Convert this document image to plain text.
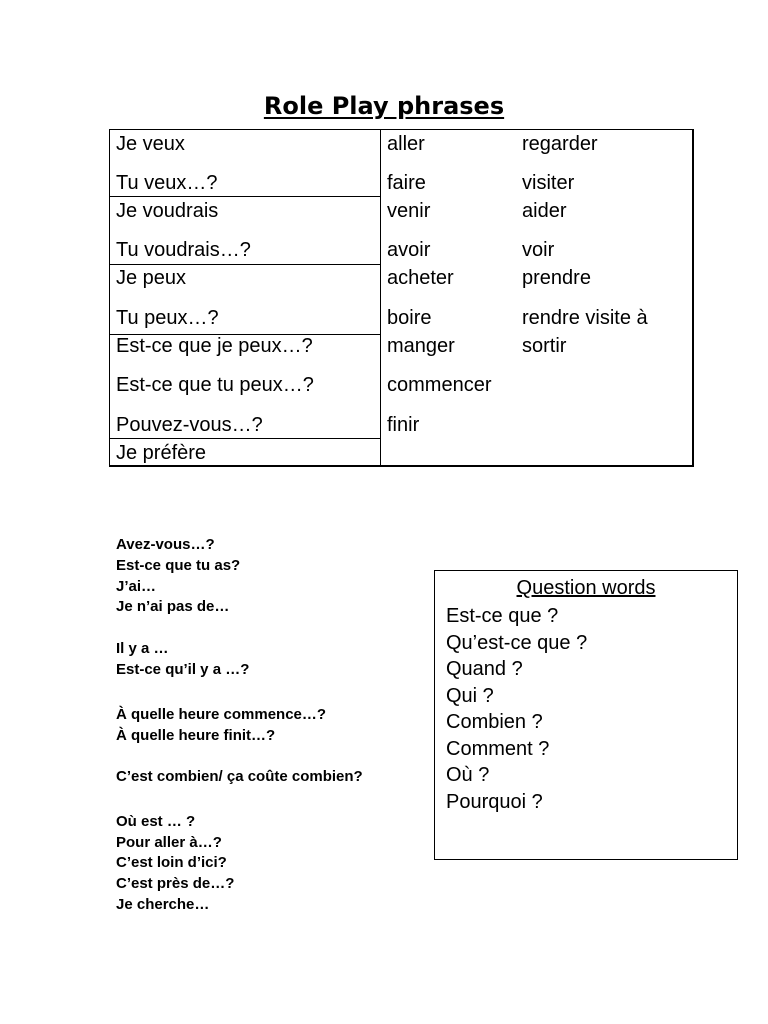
Role Play phrases
Je veux
Tu veux…?
Je voudrais
Tu voudrais…?
Je peux
Tu peux…?
Est-ce que je peux…?
Est-ce que tu peux…?
Pouvez-vous…?
Je préfère
aller
faire
venir
avoir
acheter
boire
manger
commencer
finir
regarder
visiter
aider
voir
prendre
rendre visite à
sortir
Avez-vous…?
Est-ce que tu as?
J’ai…
Je n’ai pas de…
Il y a …
Est-ce qu’il y a …?
À quelle heure commence…?
À quelle heure finit…?
C’est combien/ ça coûte combien?
Où est … ?
Pour aller à…?
C’est loin d’ici?
C’est près de…?
Je cherche…
Question words
Est-ce que ?
Qu’est-ce que ?
Quand ?
Qui ?
Combien ?
Comment ?
Où ?
Pourquoi ?
